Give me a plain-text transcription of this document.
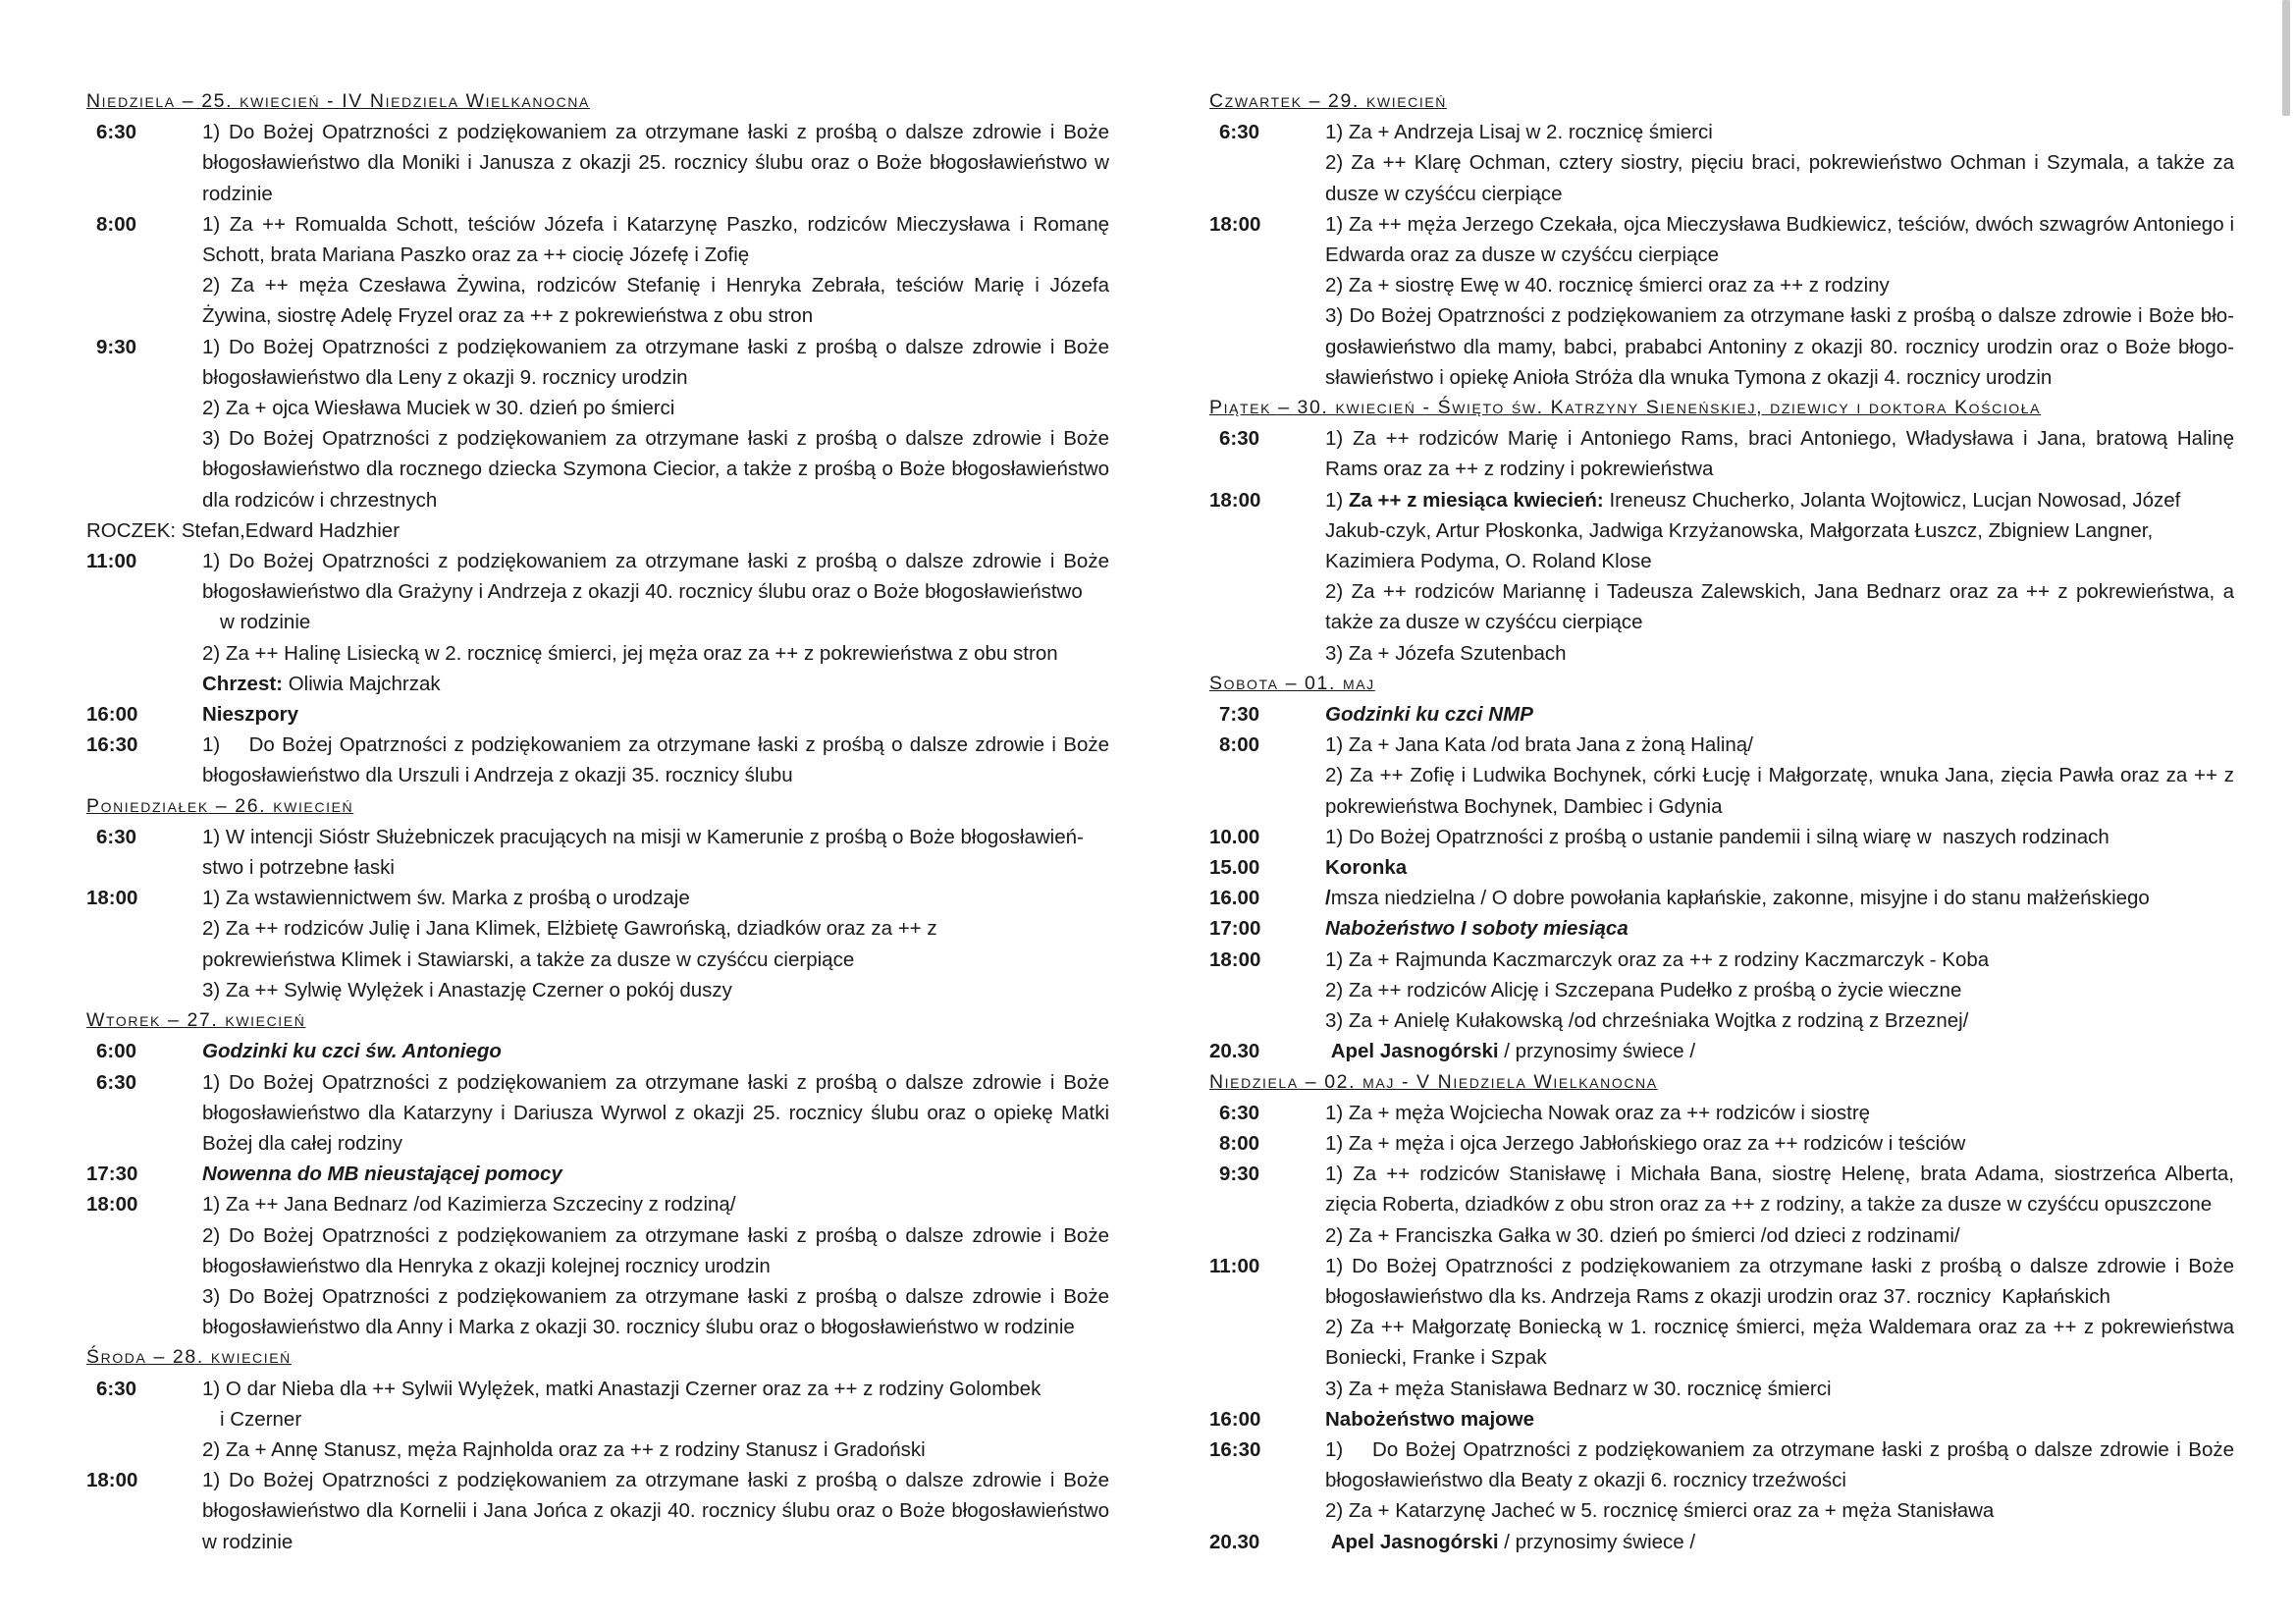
Niedziela – 25. kwiecień - IV Niedziela Wielkanocna

6:30	1) Do Bożej Opatrzności z podziękowaniem za otrzymane łaski z prośbą o dalsze zdrowie i Boże błogosławieństwo dla Moniki i Janusza z okazji 25. rocznicy ślubu oraz o Boże błogosławieństwo w rodzinie

8:00	1) Za ++ Romualda Schott, teściów Józefa i Katarzynę Paszko, rodziców Mieczysława i Romanę Schott, brata Mariana Paszko oraz za ++ ciocię Józefę i Zofię

2) Za ++ męża Czesława Żywina, rodziców Stefanię i Henryka Zebrała, teściów Marię i Józefa Żywina, siostrę Adelę Fryzel oraz za ++ z pokrewieństwa z obu stron

9:30	1) Do Bożej Opatrzności z podziękowaniem za otrzymane łaski z prośbą o dalsze zdrowie i Boże błogosławieństwo dla Leny z okazji 9. rocznicy urodzin

2) Za + ojca Wiesława Muciek w 30. dzień po śmierci

3) Do Bożej Opatrzności z podziękowaniem za otrzymane łaski z prośbą o dalsze zdrowie i Boże błogosławieństwo dla rocznego dziecka Szymona Ciecior, a także z prośbą o Boże błogosławieństwo dla rodziców i chrzestnych

ROCZEK: Stefan,Edward Hadzhier

11:00	1) Do Bożej Opatrzności z podziękowaniem za otrzymane łaski z prośbą o dalsze zdrowie i Boże błogosławieństwo dla Grażyny i Andrzeja z okazji 40. rocznicy ślubu oraz o Boże błogosławieństwo

w rodzinie

2) Za ++ Halinę Lisiecką w 2. rocznicę śmierci, jej męża oraz za ++ z pokrewieństwa z obu stron

Chrzest: Oliwia Majchrzak

16:00	Nieszpory

16:30	1)    Do Bożej Opatrzności z podziękowaniem za otrzymane łaski z prośbą o dalsze zdrowie i Boże błogosławieństwo dla Urszuli i Andrzeja z okazji 35. rocznicy ślubu

Poniedziałek – 26. kwiecień

6:30	1) W intencji Sióstr Służebniczek pracujących na misji w Kamerunie z prośbą o Boże błogosławień-stwo i potrzebne łaski

18:00	1) Za wstawiennictwem św. Marka z prośbą o urodzaje

2) Za ++ rodziców Julię i Jana Klimek, Elżbietę Gawrońską, dziadków oraz za ++ z pokrewieństwa Klimek i Stawiarski, a także za dusze w czyśćcu cierpiące

3) Za ++ Sylwię Wylężek i Anastazję Czerner o pokój duszy

Wtorek – 27. kwiecień

6:00	Godzinki ku czci św. Antoniego

6:30	1) Do Bożej Opatrzności z podziękowaniem za otrzymane łaski z prośbą o dalsze zdrowie i Boże błogosławieństwo dla Katarzyny i Dariusza Wyrwol z okazji 25. rocznicy ślubu oraz o opiekę Matki Bożej dla całej rodziny

17:30	Nowenna do MB nieustającej pomocy

18:00	1) Za ++ Jana Bednarz /od Kazimierza Szczeciny z rodziną/

2) Do Bożej Opatrzności z podziękowaniem za otrzymane łaski z prośbą o dalsze zdrowie i Boże błogosławieństwo dla Henryka z okazji kolejnej rocznicy urodzin

3) Do Bożej Opatrzności z podziękowaniem za otrzymane łaski z prośbą o dalsze zdrowie i Boże błogosławieństwo dla Anny i Marka z okazji 30. rocznicy ślubu oraz o błogosławieństwo w rodzinie

Środa – 28. kwiecień

6:30	1) O dar Nieba dla ++ Sylwii Wylężek, matki Anastazji Czerner oraz za ++ z rodziny Golombek

i Czerner

2) Za + Annę Stanusz, męża Rajnholda oraz za ++ z rodziny Stanusz i Gradoński

18:00	1) Do Bożej Opatrzności z podziękowaniem za otrzymane łaski z prośbą o dalsze zdrowie i Boże błogosławieństwo dla Kornelii i Jana Jońca z okazji 40. rocznicy ślubu oraz o Boże błogosławieństwo w rodzinie

Czwartek – 29. kwiecień

6:30	1) Za + Andrzeja Lisaj w 2. rocznicę śmierci

2) Za ++ Klarę Ochman, cztery siostry, pięciu braci, pokrewieństwo Ochman i Szymala, a także za dusze w czyśćcu cierpiące

18:00	1) Za ++ męża Jerzego Czekała, ojca Mieczysława Budkiewicz, teściów, dwóch szwagrów Antoniego i Edwarda oraz za dusze w czyśćcu cierpiące

2) Za + siostrę Ewę w 40. rocznicę śmierci oraz za ++ z rodziny

3) Do Bożej Opatrzności z podziękowaniem za otrzymane łaski z prośbą o dalsze zdrowie i Boże bło-gosławieństwo dla mamy, babci, prababci Antoniny z okazji 80. rocznicy urodzin oraz o Boże błogo-sławieństwo i opiekę Anioła Stróża dla wnuka Tymona z okazji 4. rocznicy urodzin

Piątek – 30. kwiecień - Święto św. Katrzyny Sieneńskiej, dziewicy i doktora Kościoła

6:30	1) Za ++ rodziców Marię i Antoniego Rams, braci Antoniego, Władysława i Jana, bratową Halinę Rams oraz za ++ z rodziny i pokrewieństwa

18:00	1) Za ++ z miesiąca kwiecień: Ireneusz Chucherko, Jolanta Wojtowicz, Lucjan Nowosad, Józef Jakub-czyk, Artur Płoskonka, Jadwiga Krzyżanowska, Małgorzata Łuszcz, Zbigniew Langner, Kazimiera Podyma, O. Roland Klose

2) Za ++ rodziców Mariannę i Tadeusza Zalewskich, Jana Bednarz oraz za ++ z pokrewieństwa, a także za dusze w czyśćcu cierpiące

3) Za + Józefa Szutenbach

Sobota – 01. maj

7:30	Godzinki ku czci NMP

8:00	1) Za + Jana Kata /od brata Jana z żoną Haliną/

2) Za ++ Zofię i Ludwika Bochynek, córki Łucję i Małgorzatę, wnuka Jana, zięcia Pawła oraz za ++ z pokrewieństwa Bochynek, Dambiec i Gdynia

10.00	1) Do Bożej Opatrzności z prośbą o ustanie pandemii i silną wiarę w  naszych rodzinach

15.00	Koronka

16.00	/msza niedzielna / O dobre powołania kapłańskie, zakonne, misyjne i do stanu małżeńskiego

17:00	Nabożeństwo I soboty miesiąca

18:00	1) Za + Rajmunda Kaczmarczyk oraz za ++ z rodziny Kaczmarczyk - Koba

2) Za ++ rodziców Alicję i Szczepana Pudełko z prośbą o życie wieczne

3) Za + Anielę Kułakowską /od chrześniaka Wojtka z rodziną z Brzeznej/

20.30	Apel Jasnogórski / przynosimy świece /

Niedziela – 02. maj - V Niedziela Wielkanocna

6:30	1) Za + męża Wojciecha Nowak oraz za ++ rodziców i siostrę

8:00	1) Za + męża i ojca Jerzego Jabłońskiego oraz za ++ rodziców i teściów

9:30	1) Za ++ rodziców Stanisławę i Michała Bana, siostrę Helenę, brata Adama, siostrzeńca Alberta, zięcia Roberta, dziadków z obu stron oraz za ++ z rodziny, a także za dusze w czyśćcu opuszczone

2) Za + Franciszka Gałka w 30. dzień po śmierci /od dzieci z rodzinami/

11:00	1) Do Bożej Opatrzności z podziękowaniem za otrzymane łaski z prośbą o dalsze zdrowie i Boże błogosławieństwo dla ks. Andrzeja Rams z okazji urodzin oraz 37. rocznicy  Kapłańskich

2) Za ++ Małgorzatę Boniecką w 1. rocznicę śmierci, męża Waldemara oraz za ++ z pokrewieństwa Boniecki, Franke i Szpak

3) Za + męża Stanisława Bednarz w 30. rocznicę śmierci

16:00	Nabożeństwo majowe

16:30	1)    Do Bożej Opatrzności z podziękowaniem za otrzymane łaski z prośbą o dalsze zdrowie i Boże błogosławieństwo dla Beaty z okazji 6. rocznicy trzeźwości

2) Za + Katarzynę Jacheć w 5. rocznicę śmierci oraz za + męża Stanisława

20.30	Apel Jasnogórski / przynosimy świece /
